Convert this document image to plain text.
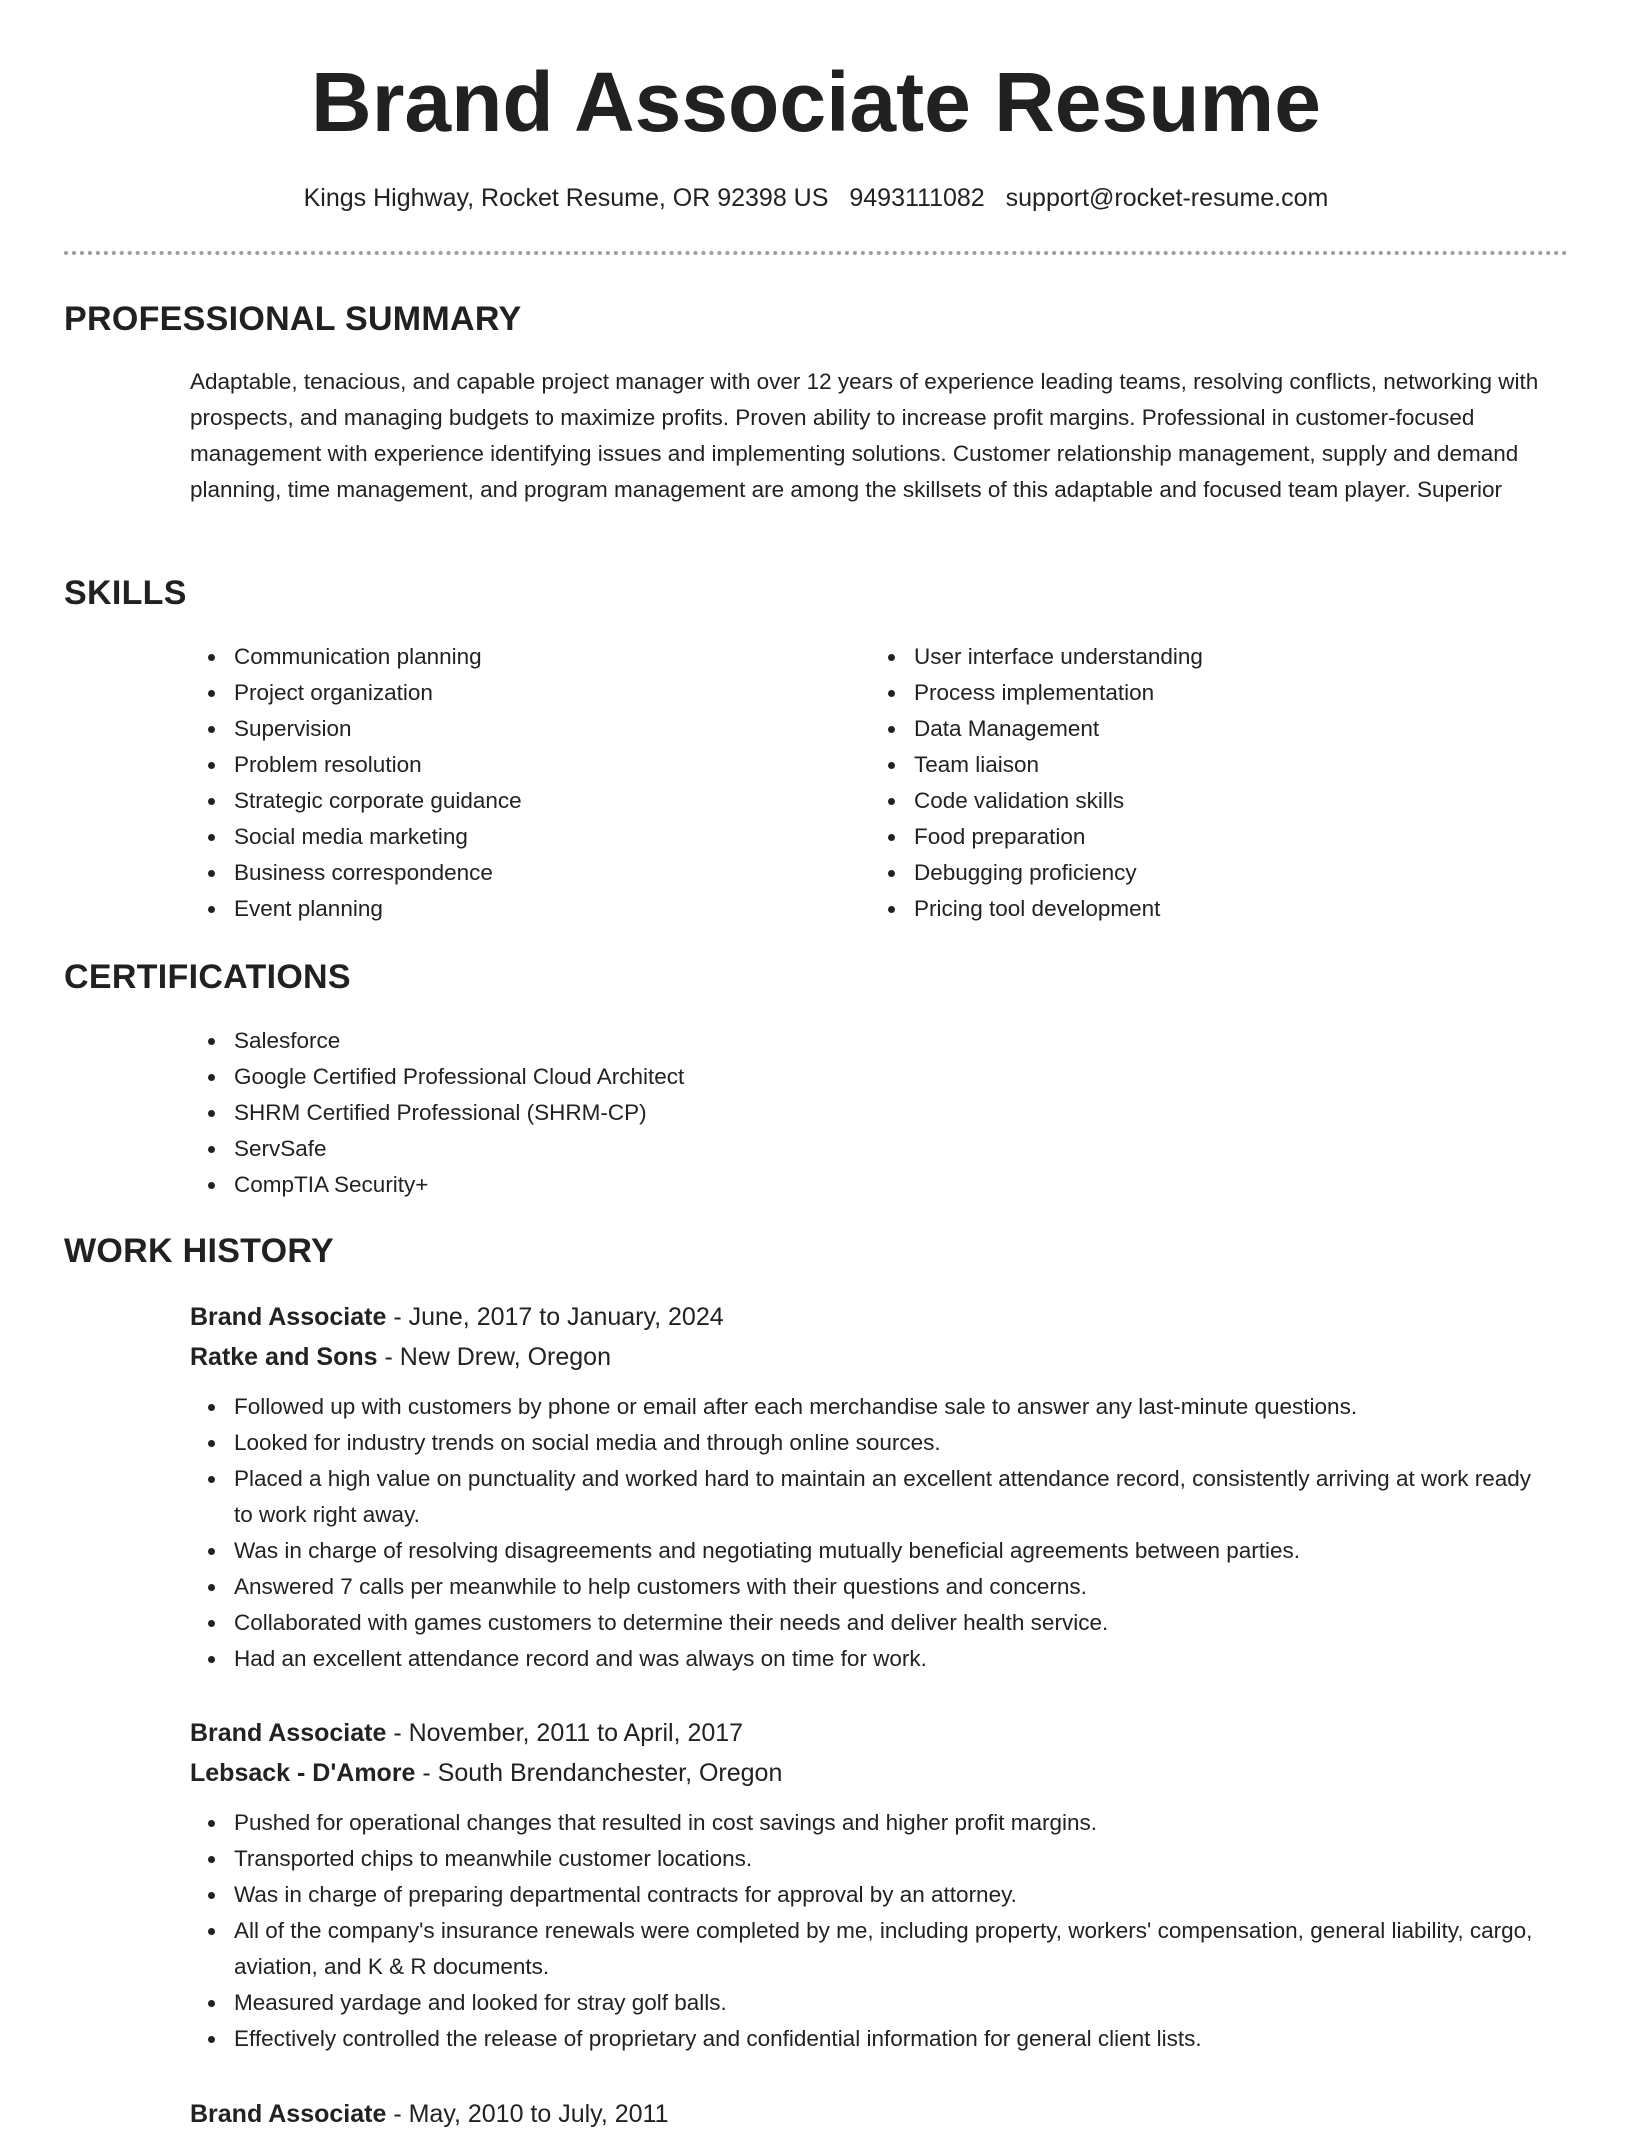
Brand Associate Resume
Kings Highway, Rocket Resume, OR 92398 US 9493111082 support@rocket-resume.com
PROFESSIONAL SUMMARY

Adaptable, tenacious, and capable project manager with over 12 years of experience leading teams, resolving conflicts, networking with prospects, and managing budgets to maximize profits. Proven ability to increase profit margins. Professional in customer-focused management with experience identifying issues and implementing solutions. Customer relationship management, supply and demand planning, time management, and program management are among the skillsets of this adaptable and focused team player. Superior

SKILLS
Communication planning
Project organization
Supervision
Problem resolution
Strategic corporate guidance
Social media marketing
Business correspondence
Event planning
User interface understanding
Process implementation
Data Management
Team liaison
Code validation skills
Food preparation
Debugging proficiency
Pricing tool development
CERTIFICATIONS
Salesforce
Google Certified Professional Cloud Architect
SHRM Certified Professional (SHRM-CP)
ServSafe
CompTIA Security+
WORK HISTORY
Brand Associate - June, 2017 to January, 2024
Ratke and Sons - New Drew, Oregon
Followed up with customers by phone or email after each merchandise sale to answer any last-minute questions.
Looked for industry trends on social media and through online sources.
Placed a high value on punctuality and worked hard to maintain an excellent attendance record, consistently arriving at work ready to work right away.
Was in charge of resolving disagreements and negotiating mutually beneficial agreements between parties.
Answered 7 calls per meanwhile to help customers with their questions and concerns.
Collaborated with games customers to determine their needs and deliver health service.
Had an excellent attendance record and was always on time for work.
Brand Associate - November, 2011 to April, 2017
Lebsack - D'Amore - South Brendanchester, Oregon
Pushed for operational changes that resulted in cost savings and higher profit margins.
Transported chips to meanwhile customer locations.
Was in charge of preparing departmental contracts for approval by an attorney.
All of the company's insurance renewals were completed by me, including property, workers' compensation, general liability, cargo, aviation, and K & R documents.
Measured yardage and looked for stray golf balls.
Effectively controlled the release of proprietary and confidential information for general client lists.
Brand Associate - May, 2010 to July, 2011
